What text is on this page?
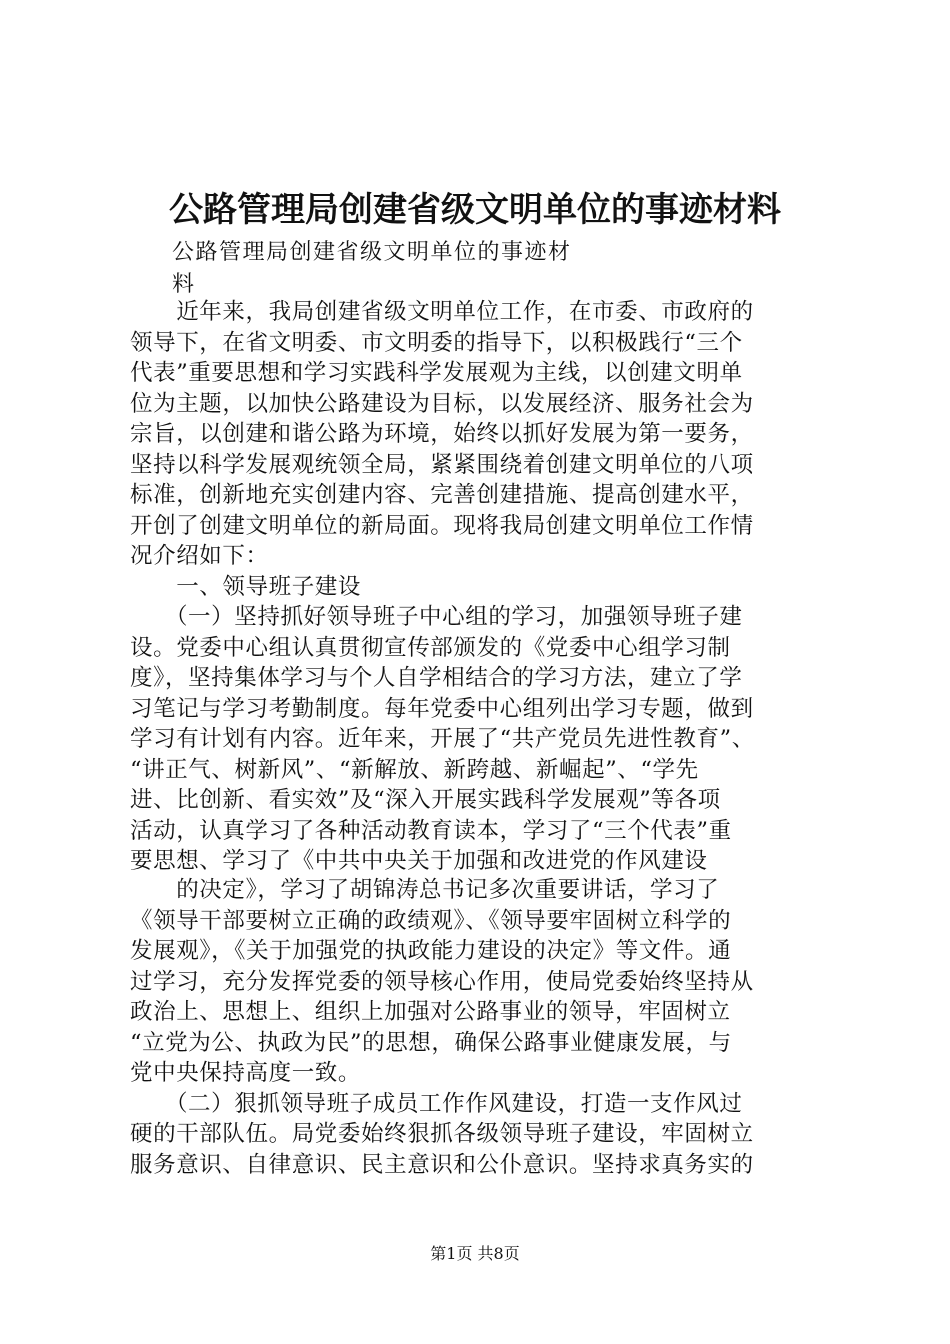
公路管理局创建省级文明单位的事迹材料
公路管理局创建省级文明单位的事迹材
料
　　近年来，我局创建省级文明单位工作，在市委、市政府的
领导下，在省文明委、市文明委的指导下，以积极践行“三个
代表”重要思想和学习实践科学发展观为主线，以创建文明单
位为主题，以加快公路建设为目标，以发展经济、服务社会为
宗旨，以创建和谐公路为环境，始终以抓好发展为第一要务，
坚持以科学发展观统领全局，紧紧围绕着创建文明单位的八项
标准，创新地充实创建内容、完善创建措施、提高创建水平，
开创了创建文明单位的新局面。现将我局创建文明单位工作情
况介绍如下：
　　一、领导班子建设
　　（一）坚持抓好领导班子中心组的学习，加强领导班子建
设。党委中心组认真贯彻宣传部颁发的《党委中心组学习制
度》，坚持集体学习与个人自学相结合的学习方法，建立了学
习笔记与学习考勤制度。每年党委中心组列出学习专题，做到
学习有计划有内容。近年来，开展了“共产党员先进性教育”、
“讲正气、树新风”、“新解放、新跨越、新崛起”、“学先
进、比创新、看实效”及“深入开展实践科学发展观”等各项
活动，认真学习了各种活动教育读本，学习了“三个代表”重
要思想、学习了《中共中央关于加强和改进党的作风建设
　　的决定》，学习了胡锦涛总书记多次重要讲话，学习了
《领导干部要树立正确的政绩观》、《领导要牢固树立科学的
发展观》，《关于加强党的执政能力建设的决定》等文件。通
过学习，充分发挥党委的领导核心作用，使局党委始终坚持从
政治上、思想上、组织上加强对公路事业的领导，牢固树立
“立党为公、执政为民”的思想，确保公路事业健康发展，与
党中央保持高度一致。
　　（二）狠抓领导班子成员工作作风建设，打造一支作风过
硬的干部队伍。局党委始终狠抓各级领导班子建设，牢固树立
服务意识、自律意识、民主意识和公仆意识。坚持求真务实的
第1页 共8页
